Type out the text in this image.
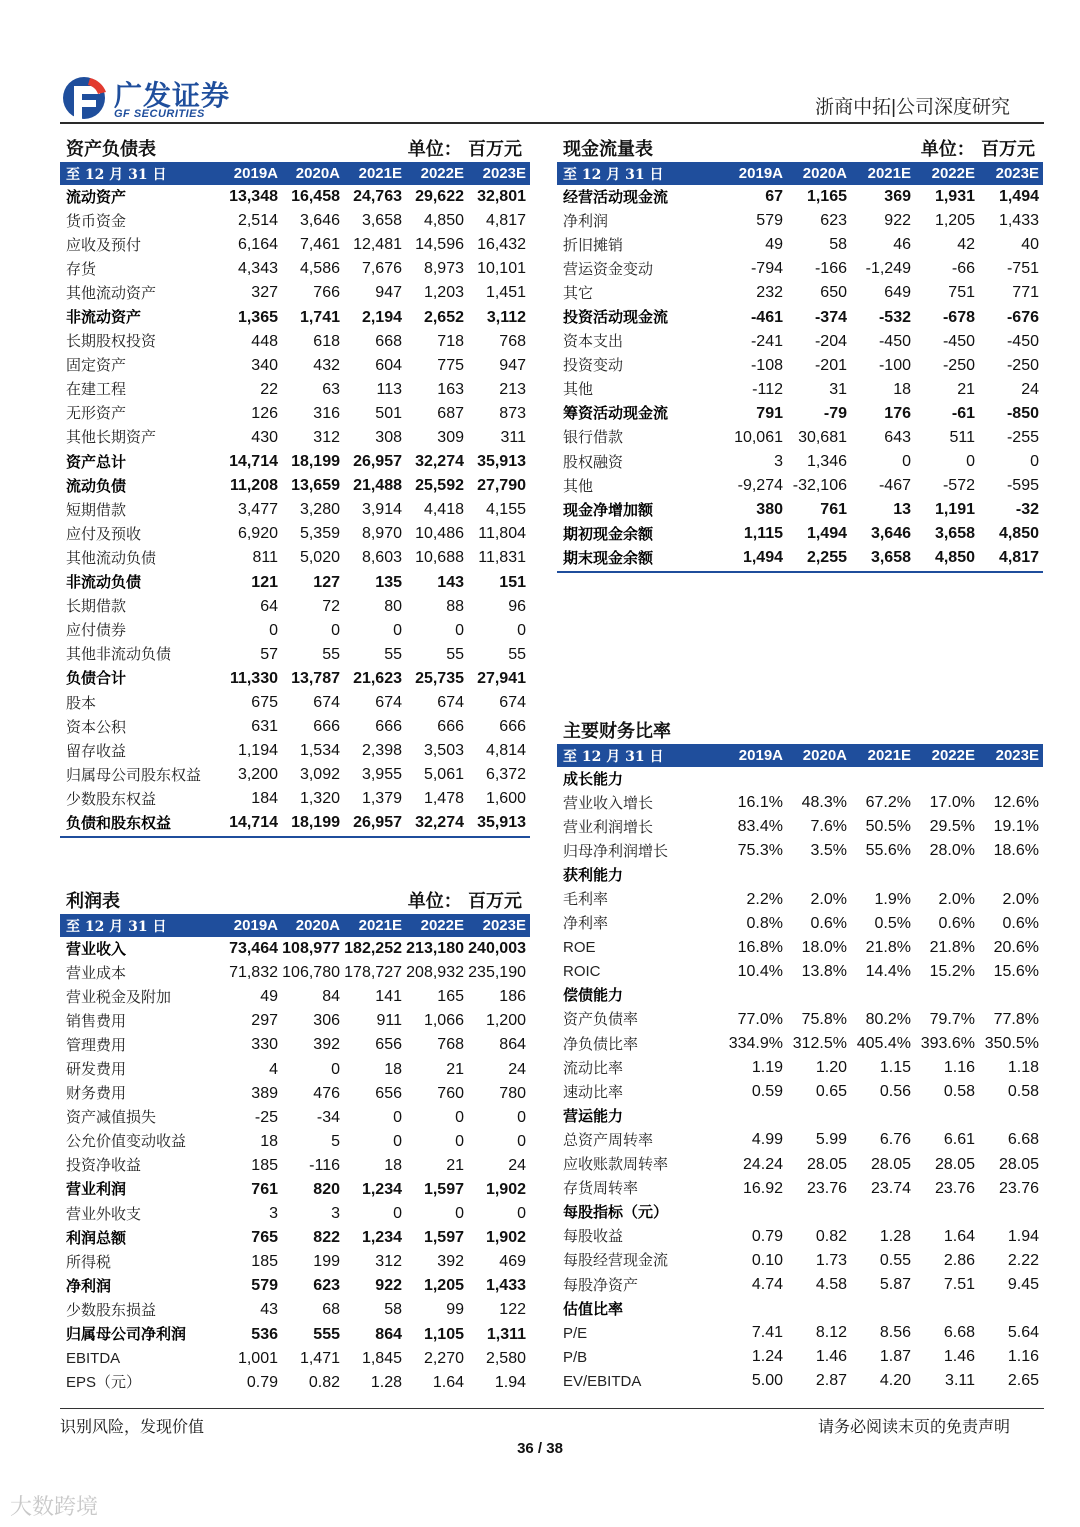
广发证券
GF SECURITIES	浙商中拓|公司深度研究
资产负债表	单位： 百万元
至 12 月 31 日	2019A	2020A	2021E	2022E	2023E
流动资产	13,348	16,458	24,763	29,622	32,801
货币资金	2,514	3,646	3,658	4,850	4,817
应收及预付	6,164	7,461	12,481	14,596	16,432
存货	4,343	4,586	7,676	8,973	10,101
其他流动资产	327	766	947	1,203	1,451
非流动资产	1,365	1,741	2,194	2,652	3,112
长期股权投资	448	618	668	718	768
固定资产	340	432	604	775	947
在建工程	22	63	113	163	213
无形资产	126	316	501	687	873
其他长期资产	430	312	308	309	311
资产总计	14,714	18,199	26,957	32,274	35,913
流动负债	11,208	13,659	21,488	25,592	27,790
短期借款	3,477	3,280	3,914	4,418	4,155
应付及预收	6,920	5,359	8,970	10,486	11,804
其他流动负债	811	5,020	8,603	10,688	11,831
非流动负债	121	127	135	143	151
长期借款	64	72	80	88	96
应付债券	0	0	0	0	0
其他非流动负债	57	55	55	55	55
负债合计	11,330	13,787	21,623	25,735	27,941
股本	675	674	674	674	674
资本公积	631	666	666	666	666
留存收益	1,194	1,534	2,398	3,503	4,814
归属母公司股东权益	3,200	3,092	3,955	5,061	6,372
少数股东权益	184	1,320	1,379	1,478	1,600
负债和股东权益	14,714	18,199	26,957	32,274	35,913
现金流量表	单位： 百万元
至 12 月 31 日	2019A	2020A	2021E	2022E	2023E
经营活动现金流	67	1,165	369	1,931	1,494
净利润	579	623	922	1,205	1,433
折旧摊销	49	58	46	42	40
营运资金变动	-794	-166	-1,249	-66	-751
其它	232	650	649	751	771
投资活动现金流	-461	-374	-532	-678	-676
资本支出	-241	-204	-450	-450	-450
投资变动	-108	-201	-100	-250	-250
其他	-112	31	18	21	24
筹资活动现金流	791	-79	176	-61	-850
银行借款	10,061	30,681	643	511	-255
股权融资	3	1,346	0	0	0
其他	-9,274	-32,106	-467	-572	-595
现金净增加额	380	761	13	1,191	-32
期初现金余额	1,115	1,494	3,646	3,658	4,850
期末现金余额	1,494	2,255	3,658	4,850	4,817
利润表	单位： 百万元
至 12 月 31 日	2019A	2020A	2021E	2022E	2023E
营业收入	73,464	108,977	182,252	213,180	240,003
营业成本	71,832	106,780	178,727	208,932	235,190
营业税金及附加	49	84	141	165	186
销售费用	297	306	911	1,066	1,200
管理费用	330	392	656	768	864
研发费用	4	0	18	21	24
财务费用	389	476	656	760	780
资产减值损失	-25	-34	0	0	0
公允价值变动收益	18	5	0	0	0
投资净收益	185	-116	18	21	24
营业利润	761	820	1,234	1,597	1,902
营业外收支	3	3	0	0	0
利润总额	765	822	1,234	1,597	1,902
所得税	185	199	312	392	469
净利润	579	623	922	1,205	1,433
少数股东损益	43	68	58	99	122
归属母公司净利润	536	555	864	1,105	1,311
EBITDA	1,001	1,471	1,845	2,270	2,580
EPS（元）	0.79	0.82	1.28	1.64	1.94
主要财务比率
至 12 月 31 日	2019A	2020A	2021E	2022E	2023E
成长能力					
营业收入增长	16.1%	48.3%	67.2%	17.0%	12.6%
营业利润增长	83.4%	7.6%	50.5%	29.5%	19.1%
归母净利润增长	75.3%	3.5%	55.6%	28.0%	18.6%
获利能力					
毛利率	2.2%	2.0%	1.9%	2.0%	2.0%
净利率	0.8%	0.6%	0.5%	0.6%	0.6%
ROE	16.8%	18.0%	21.8%	21.8%	20.6%
ROIC	10.4%	13.8%	14.4%	15.2%	15.6%
偿债能力					
资产负债率	77.0%	75.8%	80.2%	79.7%	77.8%
净负债比率	334.9%	312.5%	405.4%	393.6%	350.5%
流动比率	1.19	1.20	1.15	1.16	1.18
速动比率	0.59	0.65	0.56	0.58	0.58
营运能力					
总资产周转率	4.99	5.99	6.76	6.61	6.68
应收账款周转率	24.24	28.05	28.05	28.05	28.05
存货周转率	16.92	23.76	23.74	23.76	23.76
每股指标（元）					
每股收益	0.79	0.82	1.28	1.64	1.94
每股经营现金流	0.10	1.73	0.55	2.86	2.22
每股净资产	4.74	4.58	5.87	7.51	9.45
估值比率					
P/E	7.41	8.12	8.56	6.68	5.64
P/B	1.24	1.46	1.87	1.46	1.16
EV/EBITDA	5.00	2.87	4.20	3.11	2.65
识别风险，发现价值	请务必阅读末页的免责声明
36 / 38
大数跨境
